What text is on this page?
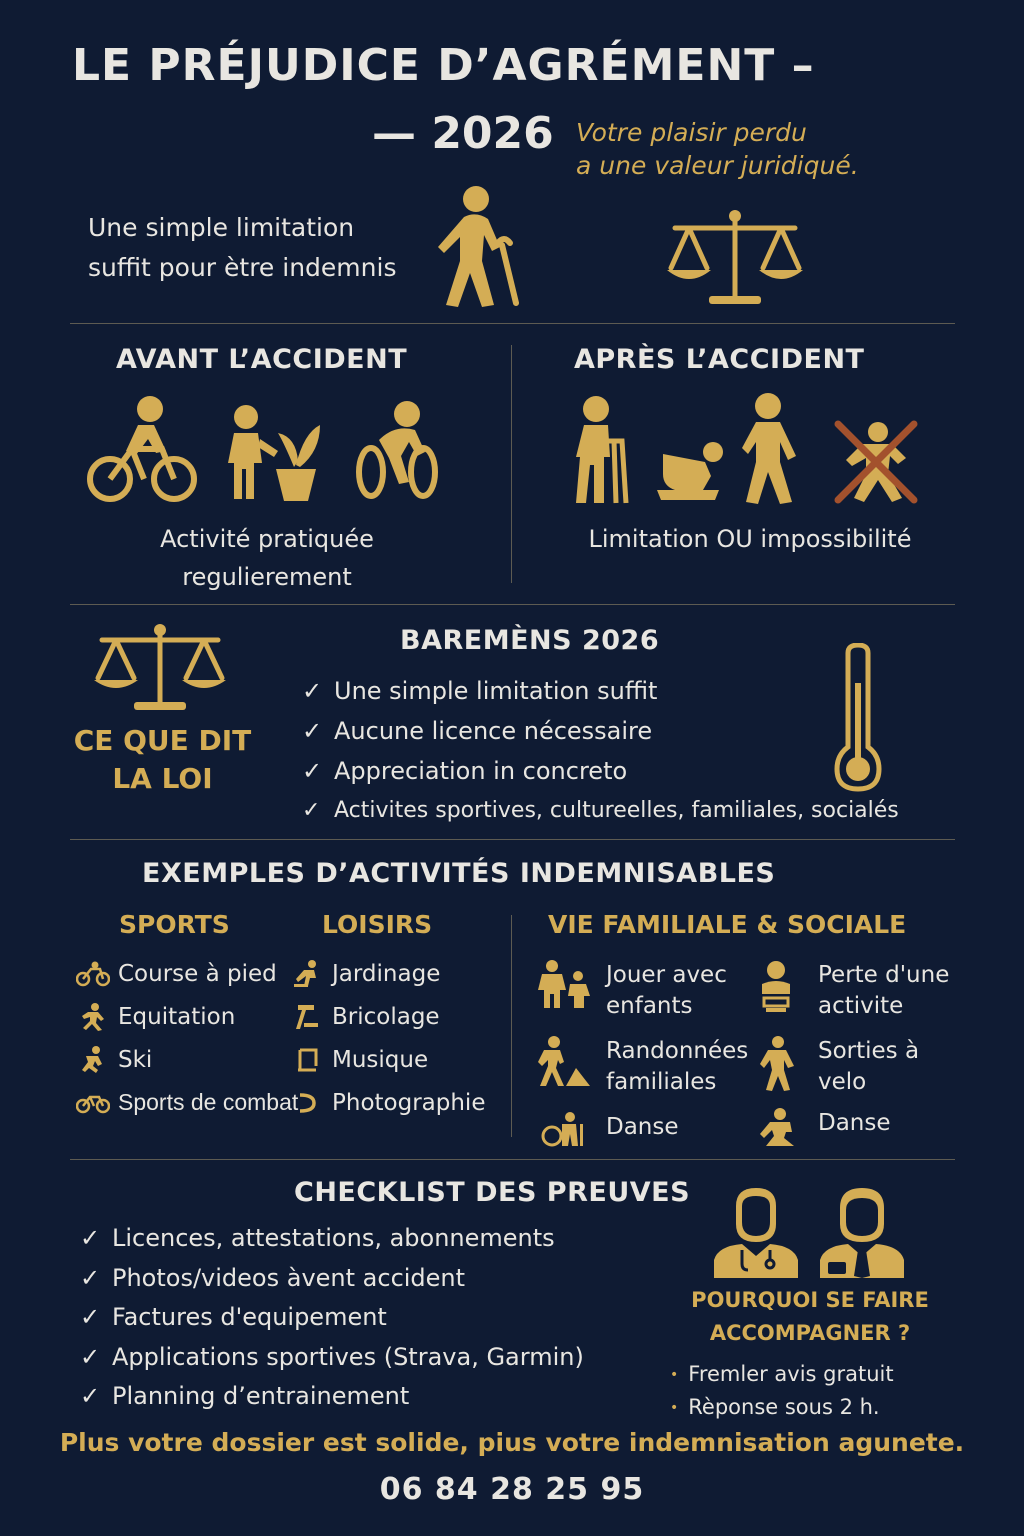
LE PRÉJUDICE D’AGRÉMENT –
— 2026 Votre plaisir perdu
a une valeur juridiqué.
Une simple limitation
suffit pour ètre indemnis
AVANT L’ACCIDENT	APRÈS L’ACCIDENT
Activité pratiquée
regulierement
Limitation OU impossibilité
CE QUE DIT
LA LOI
BAREMÈNS 2026
✓ Une simple limitation suffit
✓ Aucune licence nécessaire
✓ Appreciation in concreto
✓ Activites sportives, cultureelles, familiales, socialés
EXEMPLES D’ACTIVITÉS INDEMNISABLES
SPORTS	LOISIRS	VIE FAMILIALE & SOCIALE
Course à pied
Equitation
Ski
Sports de combat
Jardinage
Bricolage
Musique
Photographie
Jouer avec
enfants
Perte d'une
activite
Randonnées
familiales
Sorties à
velo
Danse	Danse
CHECKLIST DES PREUVES
✓ Licences, attestations, abonnements
✓ Photos/videos àvent accident
✓ Factures d'equipement
✓ Applications sportives (Strava, Garmin)
✓ Planning d’entrainement
POURQUOI SE FAIRE
ACCOMPAGNER ?
• Fremler avis gratuit
• Rèponse sous 2 h.
Plus votre dossier est solide, pius votre indemnisation agunete.
06 84 28 25 95
